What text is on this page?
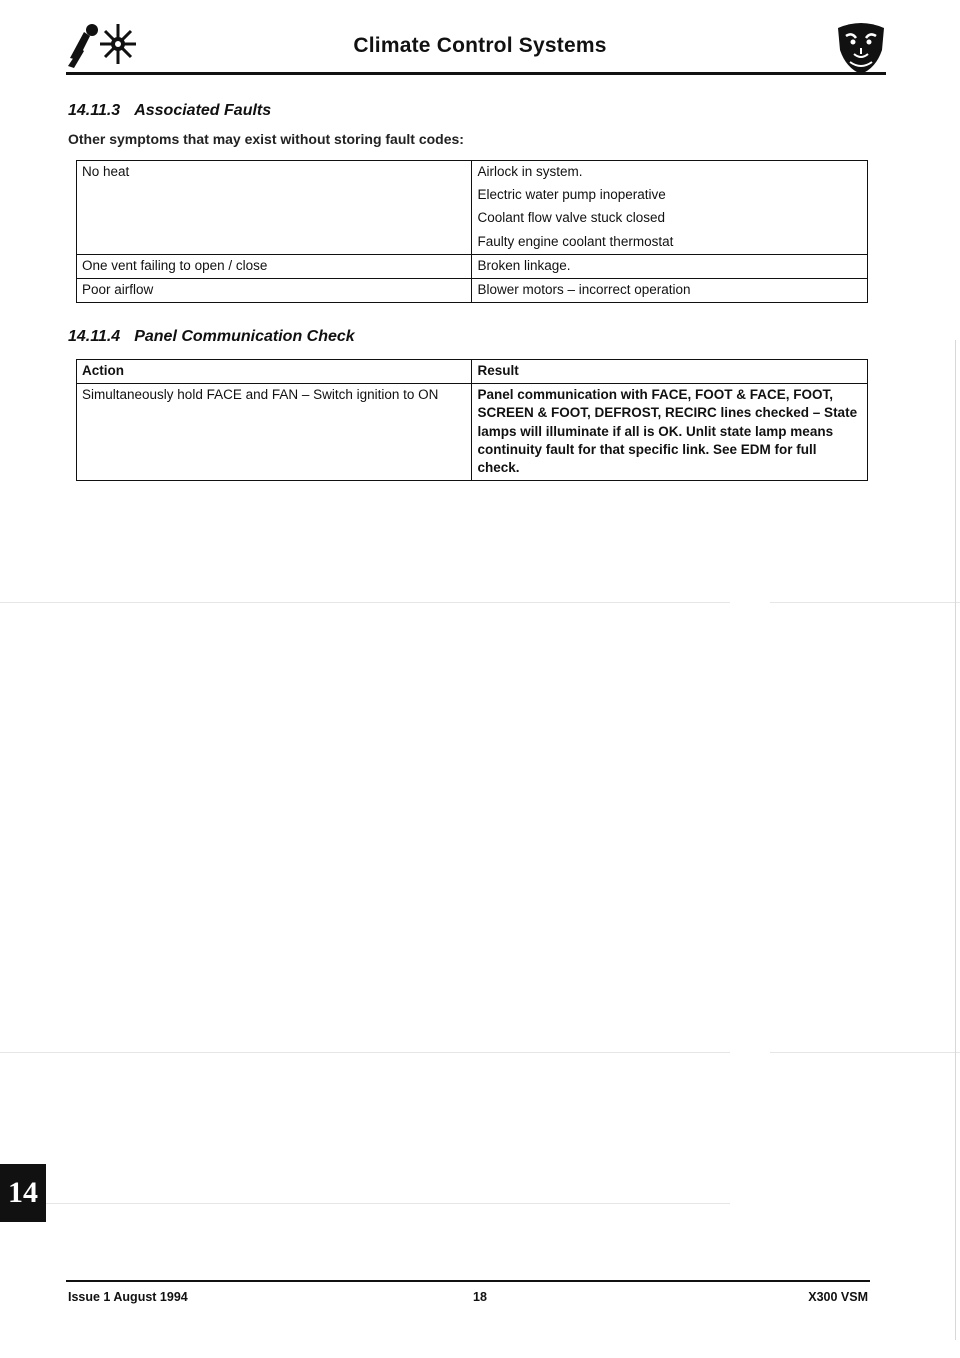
Climate Control Systems
14.11.3 Associated Faults
Other symptoms that may exist without storing fault codes:
No heat	Airlock in system.
Electric water pump inoperative
Coolant flow valve stuck closed
Faulty engine coolant thermostat

One vent failing to open / close	Broken linkage.
Poor airflow	Blower motors – incorrect operation
14.11.4 Panel Communication Check
Action	Result
Simultaneously hold FACE and FAN – Switch ignition to ON	Panel communication with FACE, FOOT & FACE, FOOT, SCREEN & FOOT, DEFROST, RECIRC lines checked – State lamps will illuminate if all is OK. Unlit state lamp means continuity fault for that specific link. See EDM for full check.
14
Issue 1 August 1994	18	X300 VSM
